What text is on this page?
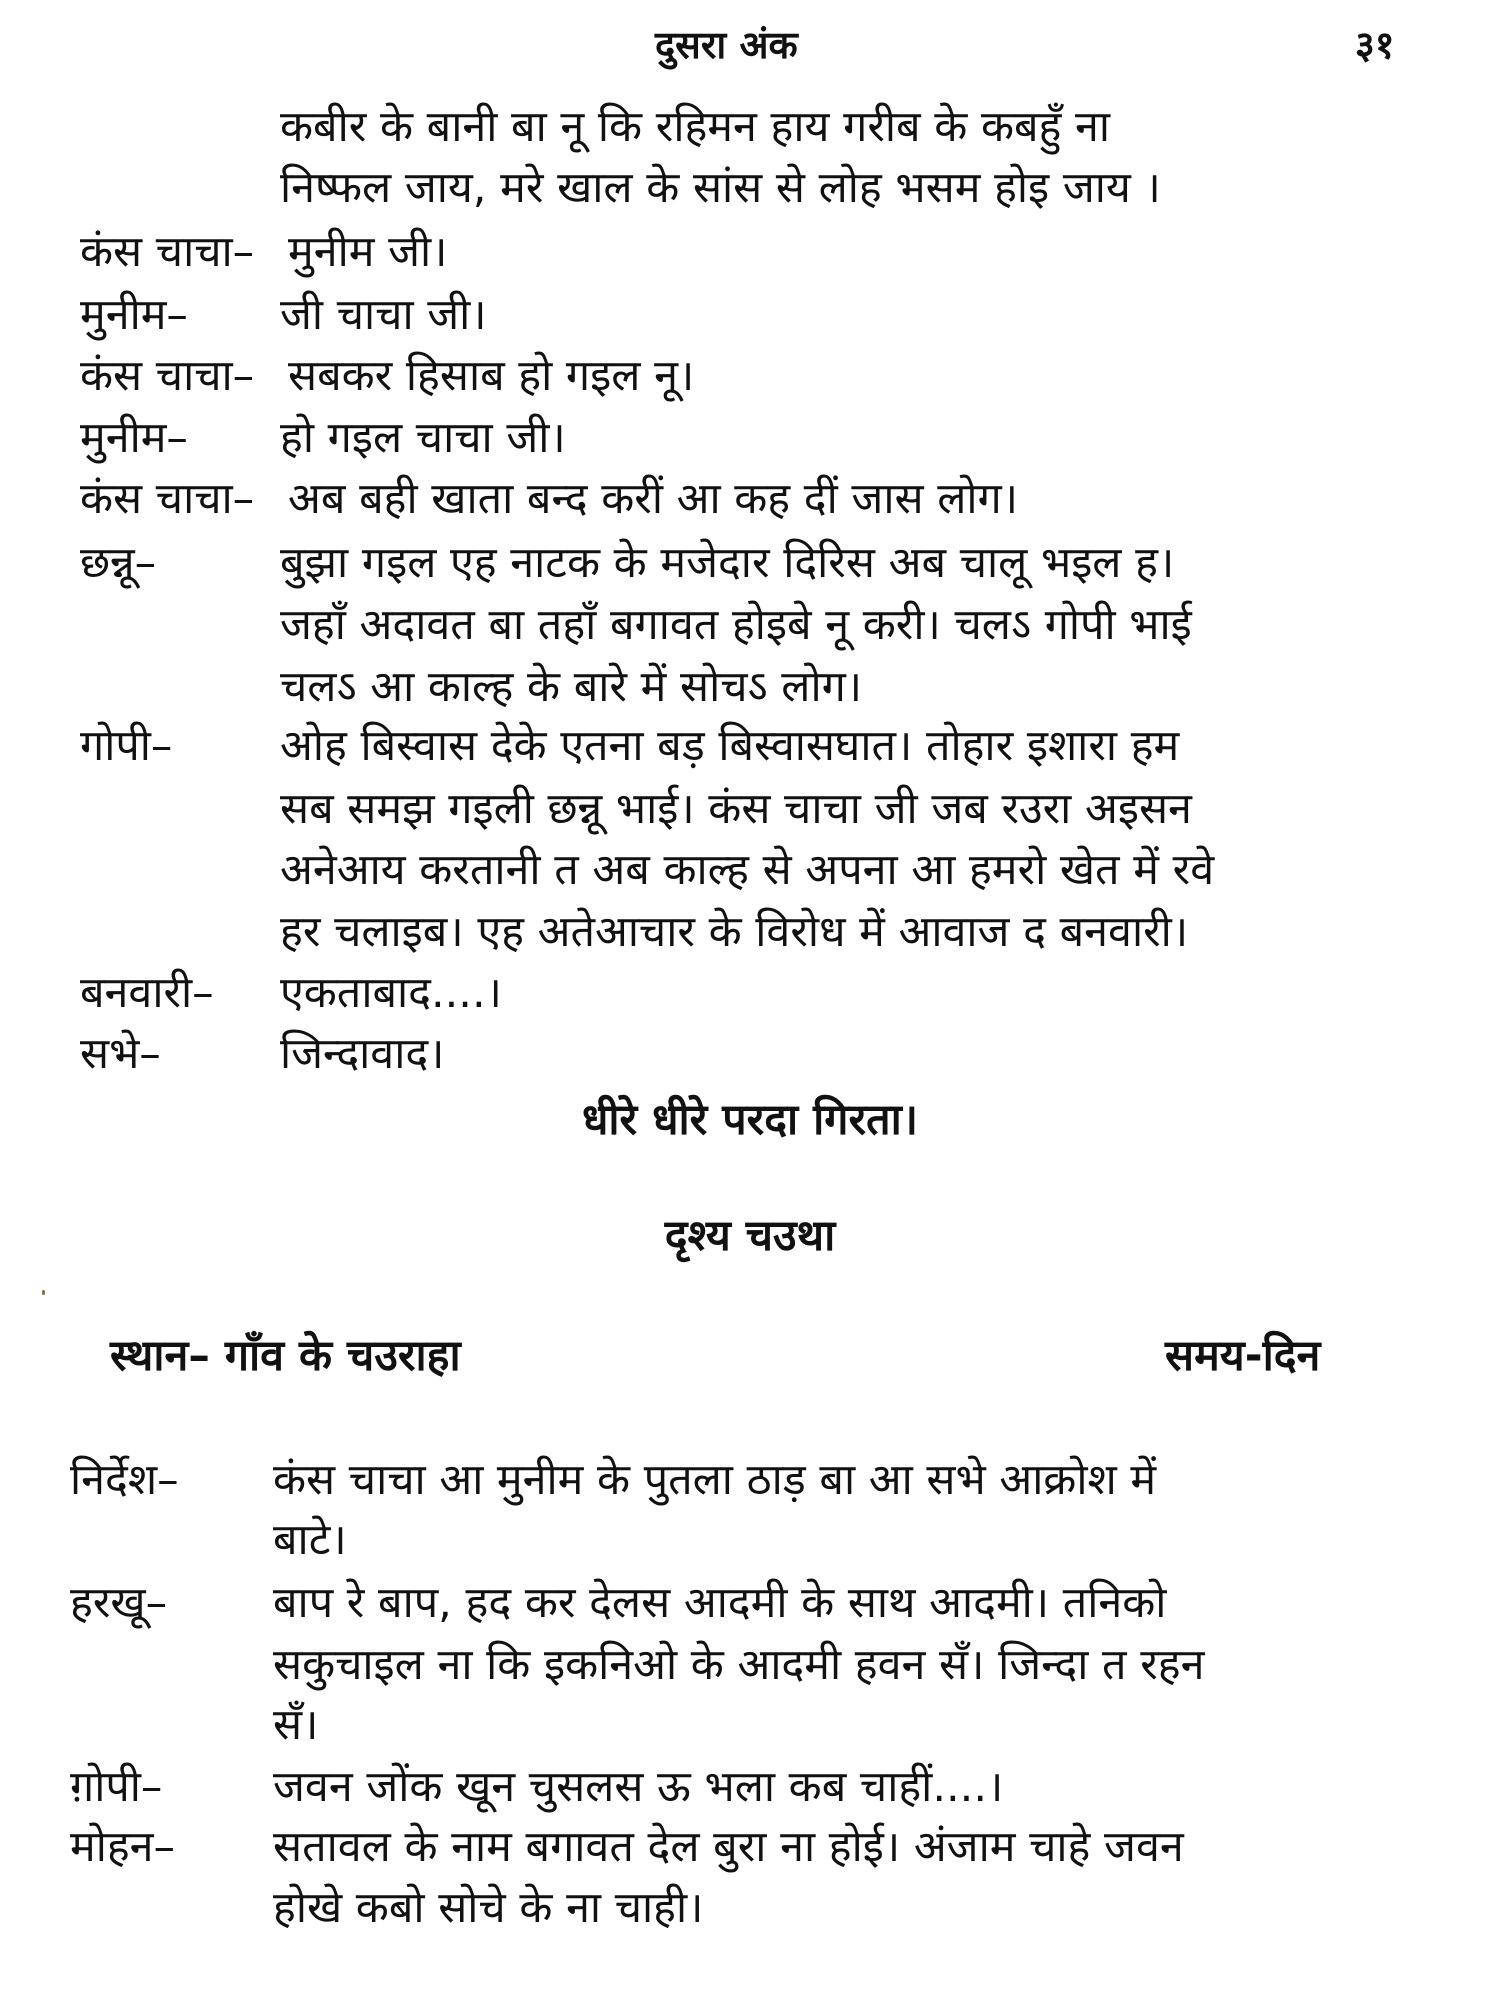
दुसरा अंक	३१
कबीर के बानी बा नू कि रहिमन हाय गरीब के कबहुँ ना
निष्फल जाय, मरे खाल के सांस से लोह भसम होइ जाय ।
कंस चाचा– मुनीम जी।
मुनीम– जी चाचा जी।
कंस चाचा– सबकर हिसाब हो गइल नू।
मुनीम– हो गइल चाचा जी।
कंस चाचा– अब बही खाता बन्द करीं आ कह दीं जास लोग।
छन्नू–	बुझा गइल एह नाटक के मजेदार दिरिस अब चालू भइल ह।
जहाँ अदावत बा तहाँ बगावत होइबे नू करी। चलऽ गोपी भाई
चलऽ आ काल्ह के बारे में सोचऽ लोग।
गोपी–	ओह बिस्वास देके एतना बड़ बिस्वासघात। तोहार इशारा हम
सब समझ गइली छन्नू भाई। कंस चाचा जी जब रउरा अइसन
अनेआय करतानी त अब काल्ह से अपना आ हमरो खेत में रवे
हर चलाइब। एह अतेआचार के विरोध में आवाज द बनवारी।
बनवारी– एकताबाद....।
सभे–	जिन्दावाद।
धीरे धीरे परदा गिरता।
दृश्य चउथा
स्थान– गाँव के चउराहा	समय-दिन
निर्देश– कंस चाचा आ मुनीम के पुतला ठाड़ बा आ सभे आक्रोश में
बाटे।
हरखू– बाप रे बाप, हद कर देलस आदमी के साथ आदमी। तनिको
सकुचाइल ना कि इकनिओ के आदमी हवन सँ। जिन्दा त रहन
सँ।
ग़ोपी–	जवन जोंक खून चुसलस ऊ भला कब चाहीं....।
मोहन– सतावल के नाम बगावत देल बुरा ना होई। अंजाम चाहे जवन
होखे कबो सोचे के ना चाही।
